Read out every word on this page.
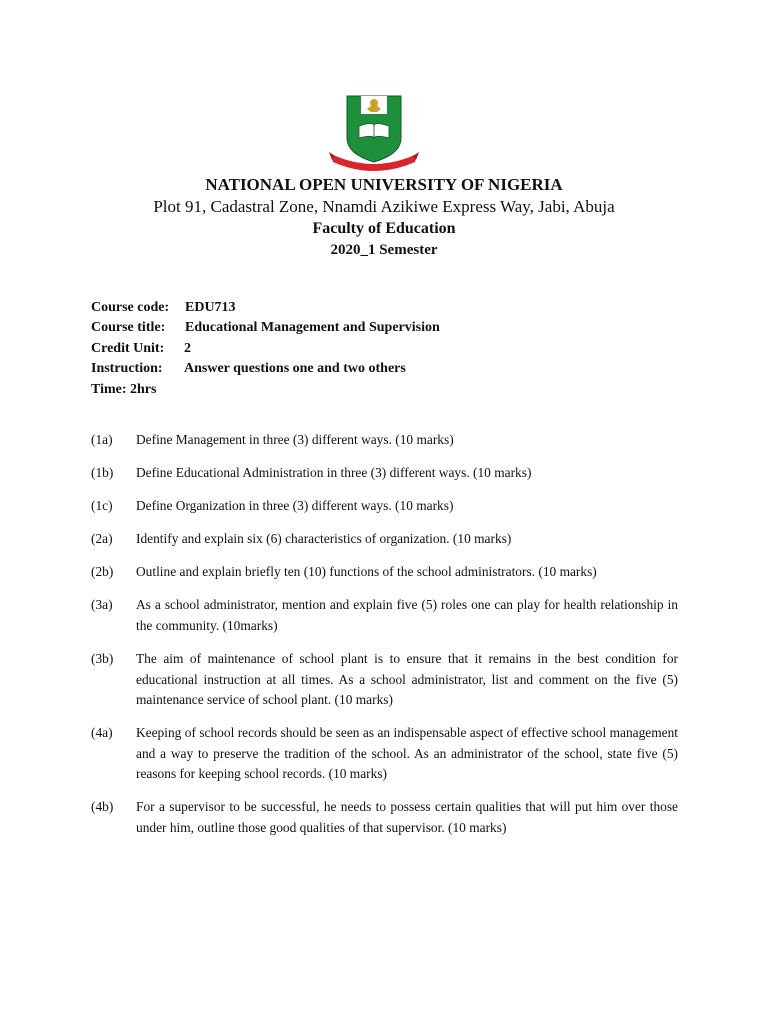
NATIONAL OPEN UNIVERSITY OF NIGERIA
Plot 91, Cadastral Zone, Nnamdi Azikiwe Express Way, Jabi, Abuja
Faculty of Education
2020_1 Semester
Course code: EDU713
Course title: Educational Management and Supervision
Credit Unit: 2
Instruction: Answer questions one and two others
Time: 2hrs
(1a)	Define Management in three (3) different ways. (10 marks)
(1b)	Define Educational Administration in three (3) different ways. (10 marks)
(1c)	Define Organization in three (3) different ways. (10 marks)
(2a)	Identify and explain six (6) characteristics of organization. (10 marks)
(2b)	Outline and explain briefly ten (10) functions of the school administrators. (10 marks)
(3a)	As a school administrator, mention and explain five (5) roles one can play for health relationship in the community. (10marks)
(3b)	The aim of maintenance of school plant is to ensure that it remains in the best condition for educational instruction at all times. As a school administrator, list and comment on the five (5) maintenance service of school plant. (10 marks)
(4a)	Keeping of school records should be seen as an indispensable aspect of effective school management and a way to preserve the tradition of the school. As an administrator of the school, state five (5) reasons for keeping school records. (10 marks)
(4b)	For a supervisor to be successful, he needs to possess certain qualities that will put him over those under him, outline those good qualities of that supervisor. (10 marks)
